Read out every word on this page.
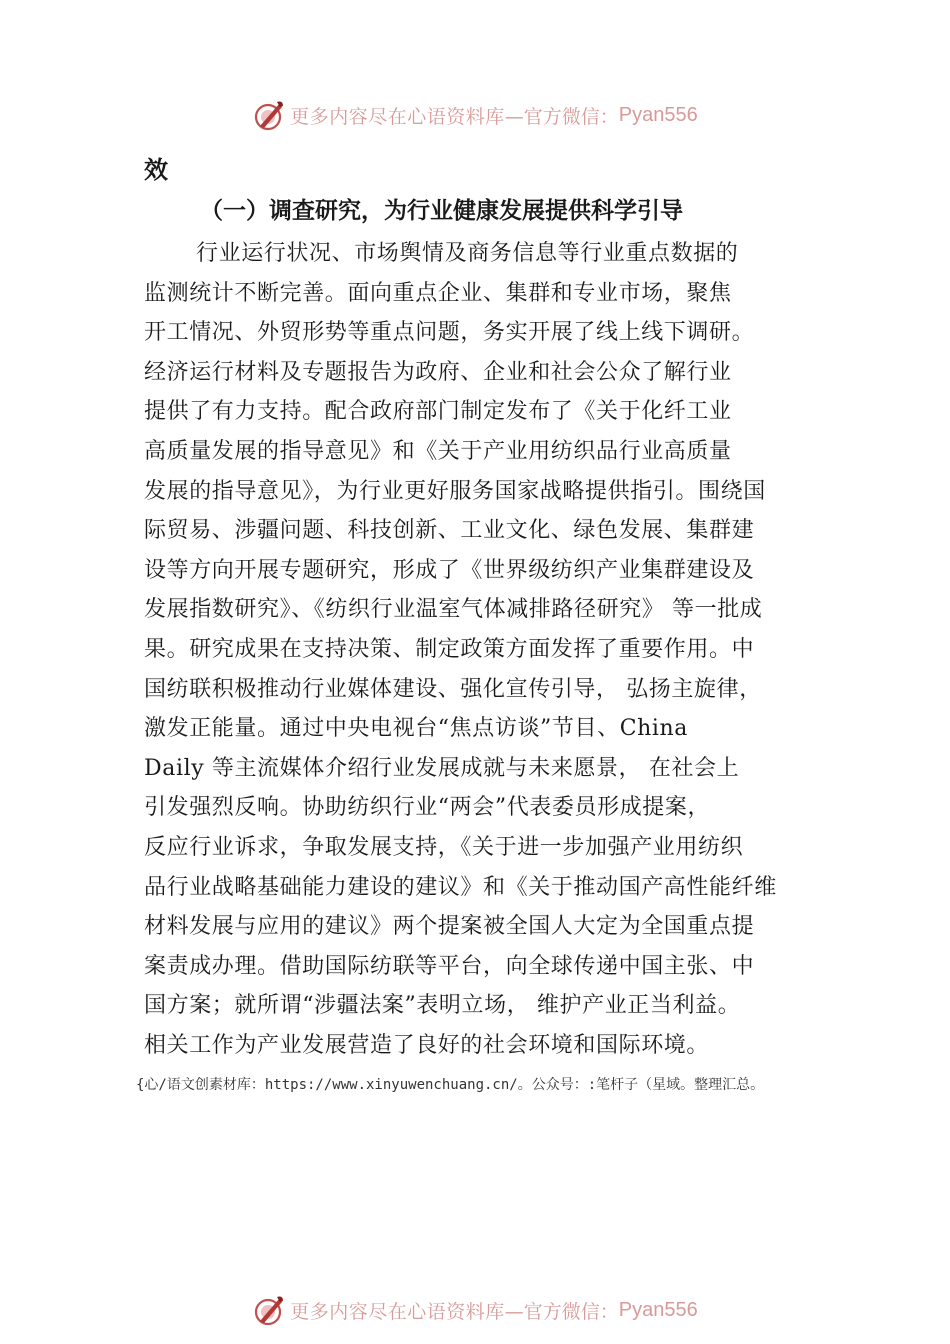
更多内容尽在心语资料库 —官方微信： Pyan556
效
（一）调查研究，为行业健康发展提供科学引导
行业运行状况、市场舆情及商务信息等行业重点数据的
监测统计不断完善。面向重点企业、集群和专业市场，聚焦
开工情况、外贸形势等重点问题，务实开展了线上线下调研。
经济运行材料及专题报告为政府、企业和社会公众了解行业
提供了有力支持。配合政府部门制定发布了《关于化纤工业
高质量发展的指导意见》和《关于产业用纺织品行业高质量
发展的指导意见》，为行业更好服务国家战略提供指引。围绕国
际贸易、涉疆问题、科技创新、工业文化、绿色发展、集群建
设等方向开展专题研究，形成了《世界级纺织产业集群建设及
发展指数研究》、《纺织行业温室气体减排路径研究》 等一批成
果。研究成果在支持决策、制定政策方面发挥了重要作用。中
国纺联积极推动行业媒体建设、强化宣传引导， 弘扬主旋律，
激发正能量。通过中央电视台“焦点访谈”节目、China
Daily 等主流媒体介绍行业发展成就与未来愿景， 在社会上
引发强烈反响。协助纺织行业“两会”代表委员形成提案，
反应行业诉求，争取发展支持，《关于进一步加强产业用纺织
品行业战略基础能力建设的建议》和《关于推动国产高性能纤维
材料发展与应用的建议》两个提案被全国人大定为全国重点提
案责成办理。借助国际纺联等平台，向全球传递中国主张、中
国方案；就所谓“涉疆法案”表明立场， 维护产业正当利益。
相关工作为产业发展营造了良好的社会环境和国际环境。
{心/语文创素材库：https://www.xinyuwenchuang.cn/。公众号：:笔杆子（星域。整理汇总。
更多内容尽在心语资料库 —官方微信： Pyan556
